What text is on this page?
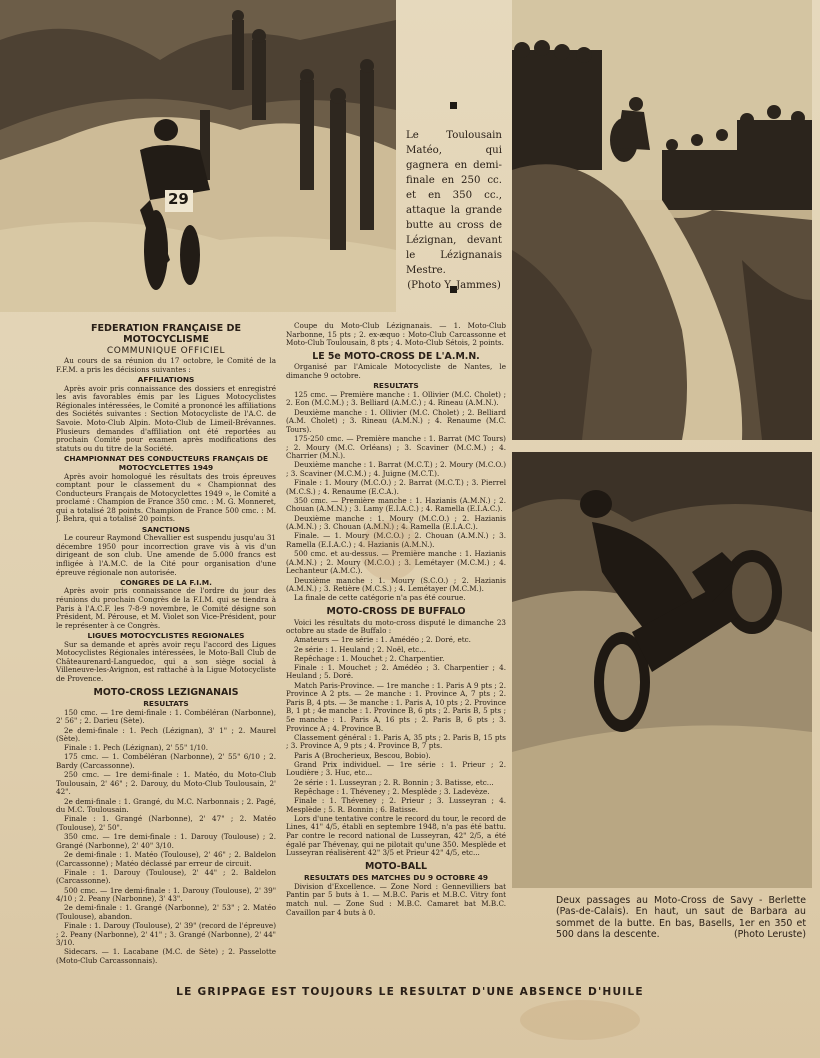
29
Le Toulousain Matéo, qui gagnera en demi-finale en 250 cc. et en 350 cc., attaque la grande butte au cross de Lézignan, devant le Lézignanais Mestre.
(Photo Y. Jammes)

FEDERATION FRANÇAISE DE MOTOCYCLISME

COMMUNIQUE OFFICIEL

Au cours de sa réunion du 17 octobre, le Comité de la F.F.M. a pris les décisions suivantes :

AFFILIATIONS

Après avoir pris connaissance des dossiers et enregistré les avis favorables émis par les Ligues Motocyclistes Régionales intéressées, le Comité a prononcé les affiliations des Sociétés suivantes : Section Motocycliste de l'A.C. de Savoie. Moto-Club Alpin. Moto-Club de Limeil-Brévannes. Plusieurs demandes d'affiliation ont été reportées au prochain Comité pour examen après modifications des statuts ou du titre de la Société.

CHAMPIONNAT DES CONDUCTEURS FRANÇAIS DE MOTOCYCLETTES 1949

Après avoir homologué les résultats des trois épreuves comptant pour le classement du « Championnat des Conducteurs Français de Motocyclettes 1949 », le Comité a proclamé : Champion de France 350 cmc. : M. G. Monneret, qui a totalisé 28 points. Champion de France 500 cmc. : M. J. Behra, qui a totalisé 20 points.

SANCTIONS

Le coureur Raymond Chevallier est suspendu jusqu'au 31 décembre 1950 pour incorrection grave vis à vis d'un dirigeant de son club. Une amende de 5.000 francs est infligée à l'A.M.C. de la Cité pour organisation d'une épreuve régionale non autorisée.

CONGRES DE LA F.I.M.

Après avoir pris connaissance de l'ordre du jour des réunions du prochain Congrès de la F.I.M. qui se tiendra à Paris à l'A.C.F. les 7-8-9 novembre, le Comité désigne son Président, M. Pérouse, et M. Violet son Vice-Président, pour le représenter à ce Congrès.

LIGUES MOTOCYCLISTES REGIONALES

Sur sa demande et après avoir reçu l'accord des Ligues Motocyclistes Régionales intéressées, le Moto-Ball Club de Châteaurenard-Languedoc, qui a son siège social à Villeneuve-les-Avignon, est rattaché à la Ligue Motocycliste de Provence.

MOTO-CROSS LEZIGNANAIS

RESULTATS

150 cmc. — 1re demi-finale : 1. Combéléran (Narbonne), 2' 56" ; 2. Darieu (Sète).

2e demi-finale : 1. Pech (Lézignan), 3' 1" ; 2. Maurel (Sète).

Finale : 1. Pech (Lézignan), 2' 55" 1/10.

175 cmc. — 1. Combéléran (Narbonne), 2' 55" 6/10 ; 2. Bardy (Carcassonne).

250 cmc. — 1re demi-finale : 1. Matéo, du Moto-Club Toulousain, 2' 46" ; 2. Darouy, du Moto-Club Toulousain, 2' 42".

2e demi-finale : 1. Grangé, du M.C. Narbonnais ; 2. Pagé, du M.C. Toulousain.

Finale : 1. Grangé (Narbonne), 2' 47" ; 2. Matéo (Toulouse), 2' 50".

350 cmc. — 1re demi-finale : 1. Darouy (Toulouse) ; 2. Grangé (Narbonne), 2' 40" 3/10.

2e demi-finale : 1. Matéo (Toulouse), 2' 46" ; 2. Baldelon (Carcassonne) ; Matéo déclassé par erreur de circuit.

Finale : 1. Darouy (Toulouse), 2' 44" ; 2. Baldelon (Carcassonne).

500 cmc. — 1re demi-finale : 1. Darouy (Toulouse), 2' 39" 4/10 ; 2. Peany (Narbonne), 3' 43".

2e demi-finale : 1. Grangé (Narbonne), 2' 53" ; 2. Matéo (Toulouse), abandon.

Finale : 1. Darouy (Toulouse), 2' 39" (record de l'épreuve) ; 2. Peany (Narbonne), 2' 41" ; 3. Grangé (Narbonne), 2' 44" 3/10.

Sidecars. — 1. Lacabane (M.C. de Sète) ; 2. Passelotte (Moto-Club Carcassonnais).

Coupe du Moto-Club Lézignanais. — 1. Moto-Club Narbonne, 15 pts ; 2. ex-æquo : Moto-Club Carcassonne et Moto-Club Toulousain, 8 pts ; 4. Moto-Club Sétois, 2 points.

LE 5e MOTO-CROSS DE L'A.M.N.

Organisé par l'Amicale Motocycliste de Nantes, le dimanche 9 octobre.

RESULTATS

125 cmc. — Première manche : 1. Ollivier (M.C. Cholet) ; 2. Eon (M.C.M.) ; 3. Belliard (A.M.C.) ; 4. Rineau (A.M.N.).

Deuxième manche : 1. Ollivier (M.C. Cholet) ; 2. Belliard (A.M. Cholet) ; 3. Rineau (A.M.N.) ; 4. Renaume (M.C. Tours).

175-250 cmc. — Première manche : 1. Barrat (MC Tours) ; 2. Moury (M.C. Orléans) ; 3. Scaviner (M.C.M.) ; 4. Charrier (M.N.).

Deuxième manche : 1. Barrat (M.C.T.) ; 2. Moury (M.C.O.) ; 3. Scaviner (M.C.M.) ; 4. Juigne (M.C.T.).

Finale : 1. Moury (M.C.O.) ; 2. Barrat (M.C.T.) ; 3. Pierrel (M.C.S.) ; 4. Renaume (E.C.A.).

350 cmc. — Première manche : 1. Hazianis (A.M.N.) ; 2. Chouan (A.M.N.) ; 3. Lamy (E.I.A.C.) ; 4. Ramella (E.I.A.C.).

Deuxième manche : 1. Moury (M.C.O.) ; 2. Hazianis (A.M.N.) ; 3. Chouan (A.M.N.) ; 4. Ramella (E.I.A.C.).

Finale. — 1. Moury (M.C.O.) ; 2. Chouan (A.M.N.) ; 3. Ramella (E.I.A.C.) ; 4. Hazianis (A.M.N.).

500 cmc. et au-dessus. — Première manche : 1. Hazianis (A.M.N.) ; 2. Moury (M.C.O.) ; 3. Lemétayer (M.C.M.) ; 4. Lechanteur (A.M.C.).

Deuxième manche : 1. Moury (S.C.O.) ; 2. Hazianis (A.M.N.) ; 3. Retière (M.C.S.) ; 4. Lemétayer (M.C.M.).

La finale de cette catégorie n'a pas été courue.

MOTO-CROSS DE BUFFALO

Voici les résultats du moto-cross disputé le dimanche 23 octobre au stade de Buffalo :

Amateurs — 1re série : 1. Amédéo ; 2. Doré, etc.

2e série : 1. Heuland ; 2. Noël, etc...

Repêchage : 1. Mouchet ; 2. Charpentier.

Finale : 1. Mouchet ; 2. Amédéo ; 3. Charpentier ; 4. Heuland ; 5. Doré.

Match Paris-Province. — 1re manche : 1. Paris A 9 pts ; 2. Province A 2 pts. — 2e manche : 1. Province A, 7 pts ; 2. Paris B, 4 pts. — 3e manche : 1. Paris A, 10 pts ; 2. Province B, 1 pt ; 4e manche : 1. Province B, 6 pts ; 2. Paris B, 5 pts ; 5e manche : 1. Paris A, 16 pts ; 2. Paris B, 6 pts ; 3. Province A ; 4. Province B.

Classement général : 1. Paris A, 35 pts ; 2. Paris B, 15 pts ; 3. Province A, 9 pts ; 4. Province B, 7 pts.

Paris A (Brocherieux, Bescou, Bobio).

Grand Prix individuel. — 1re série : 1. Prieur ; 2. Loudière ; 3. Huc, etc...

2e série : 1. Lusseyran ; 2. R. Bonnin ; 3. Batisse, etc...

Repêchage : 1. Théveney ; 2. Mesplède ; 3. Ladevèze.

Finale : 1. Théveney ; 2. Prieur ; 3. Lusseyran ; 4. Mesplède ; 5. R. Bonnin ; 6. Batisse.

Lors d'une tentative contre le record du tour, le record de Lines, 41" 4/5, établi en septembre 1948, n'a pas été battu. Par contre le record national de Lusseyran, 42" 2/5, a été égalé par Thévenay, qui ne pilotait qu'une 350. Mesplède et Lusseyran réalisèrent 42" 3/5 et Prieur 42" 4/5, etc...

MOTO-BALL

RESULTATS DES MATCHES DU 9 OCTOBRE 49

Division d'Excellence. — Zone Nord : Gennevilliers bat Pantin par 5 buts à 1. — M.B.C. Paris et M.B.C. Vitry font match nul. — Zone Sud : M.B.C. Camaret bat M.B.C. Cavaillon par 4 buts à 0.

Deux passages au Moto-Cross de Savy - Berlette (Pas-de-Calais). En haut, un saut de Barbara au sommet de la butte. En bas, Basells, 1er en 350 et 500 dans la descente.	(Photo Leruste)
LE GRIPPAGE EST TOUJOURS LE RESULTAT D'UNE ABSENCE D'HUILE
